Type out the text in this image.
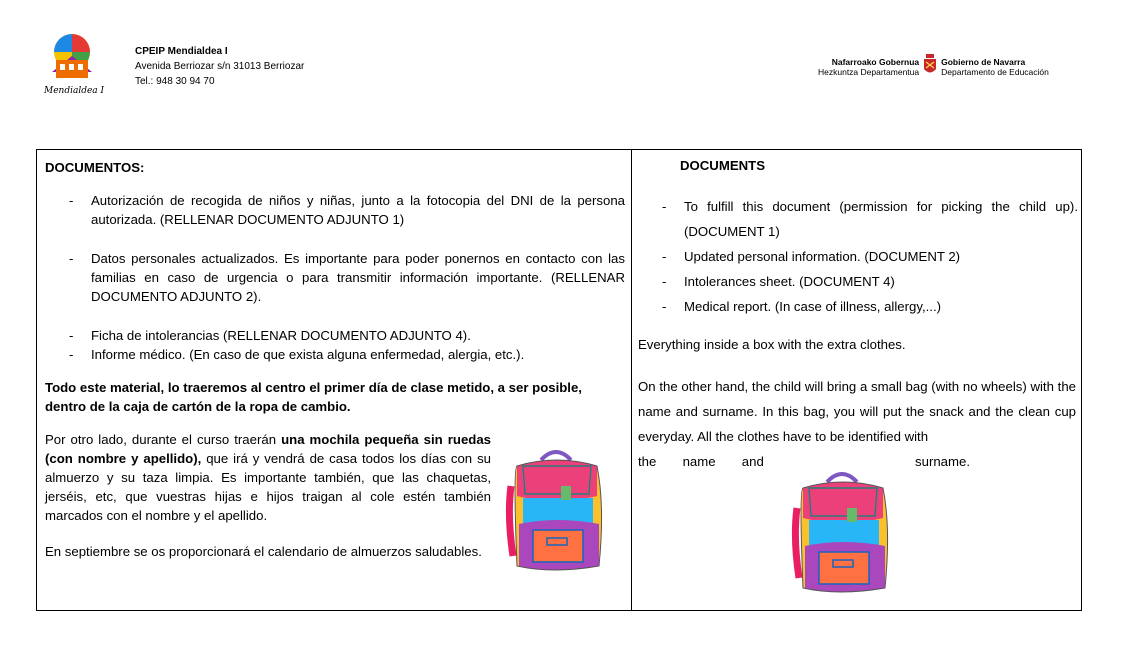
Mendialdea I
CPEIP Mendialdea I
Avenida Berriozar s/n 31013 Berriozar
Tel.: 948 30 94 70
Nafarroako Gobernua
Hezkuntza Departamentua
Gobierno de Navarra
Departamento de Educación
DOCUMENTOS:
- Autorización de recogida de niños y niñas, junto a la fotocopia del DNI de la persona autorizada. (RELLENAR DOCUMENTO ADJUNTO 1)
- Datos personales actualizados. Es importante para poder ponernos en contacto con las familias en caso de urgencia o para transmitir información importante. (RELLENAR DOCUMENTO ADJUNTO 2).
- Ficha de intolerancias (RELLENAR DOCUMENTO ADJUNTO 4).
- Informe médico. (En caso de que exista alguna enfermedad, alergia, etc.).
Todo este material, lo traeremos al centro el primer día de clase metido, a ser posible, dentro de la caja de cartón de la ropa de cambio.
Por otro lado, durante el curso traerán una mochila pequeña sin ruedas (con nombre y apellido), que irá y vendrá de casa todos los días con su almuerzo y su taza limpia. Es importante también, que las chaquetas, jerséis, etc, que vuestras hijas e hijos traigan al cole estén también marcados con el nombre y el apellido.
En septiembre se os proporcionará el calendario de almuerzos saludables.
DOCUMENTS
- To fulfill this document (permission for picking the child up). (DOCUMENT 1)
- Updated personal information. (DOCUMENT 2)
- Intolerances sheet. (DOCUMENT 4)
- Medical report. (In case of illness, allergy,...)
Everything inside a box with the extra clothes.
On the other hand, the child will bring a small bag (with no wheels) with the name and surname. In this bag, you will put the snack and the clean cup everyday. All the clothes have to be identified with
the name and	surname.
